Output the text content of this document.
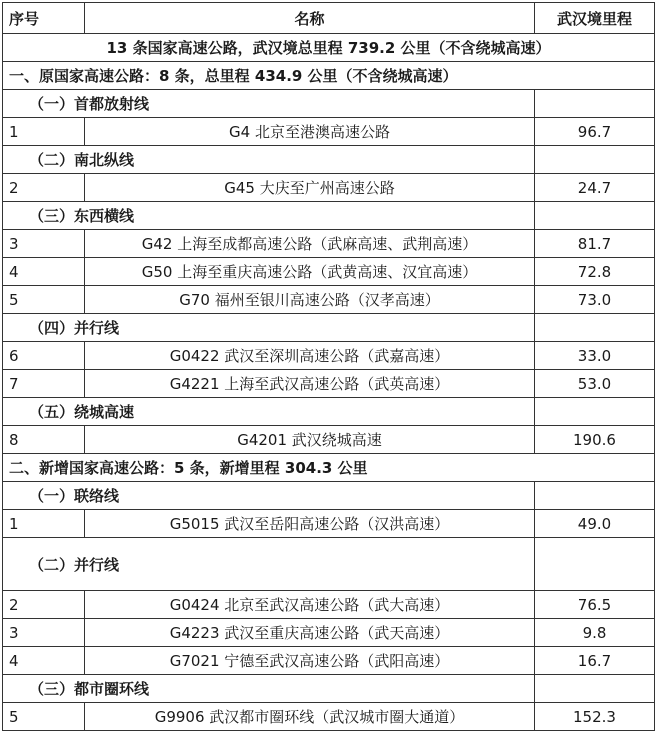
序号	名称	武汉境里程
13 条国家高速公路，武汉境总里程 739.2 公里（不含绕城高速）		
一、原国家高速公路：8 条，总里程 434.9 公里（不含绕城高速）		
（一）首都放射线		
1	G4 北京至港澳高速公路	96.7
（二）南北纵线		
2	G45 大庆至广州高速公路	24.7
（三）东西横线		
3	G42 上海至成都高速公路（武麻高速、武荆高速）	81.7
4	G50 上海至重庆高速公路（武黄高速、汉宜高速）	72.8
5	G70 福州至银川高速公路（汉孝高速）	73.0
（四）并行线		
6	G0422 武汉至深圳高速公路（武嘉高速）	33.0
7	G4221 上海至武汉高速公路（武英高速）	53.0
（五）绕城高速		
8	G4201 武汉绕城高速	190.6
二、新增国家高速公路：5 条，新增里程 304.3 公里		
（一）联络线		
1	G5015 武汉至岳阳高速公路（汉洪高速）	49.0
（二）并行线		
2	G0424 北京至武汉高速公路（武大高速）	76.5
3	G4223 武汉至重庆高速公路（武天高速）	9.8
4	G7021 宁德至武汉高速公路（武阳高速）	16.7
（三）都市圈环线		
5	G9906 武汉都市圈环线（武汉城市圈大通道）	152.3
